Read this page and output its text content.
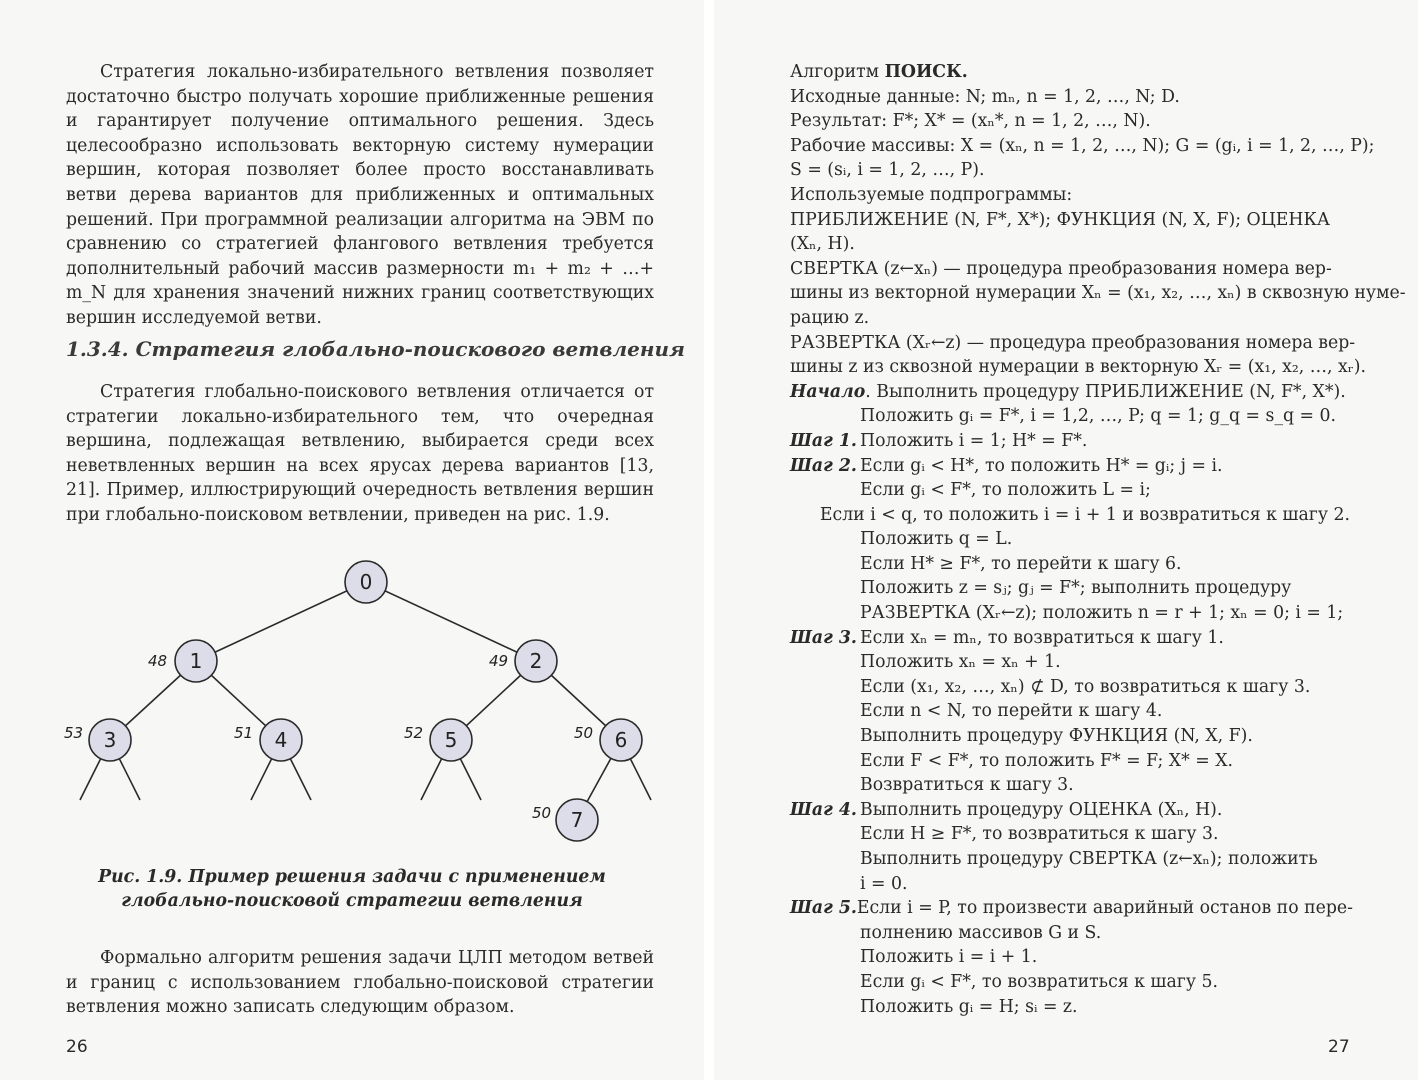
Стратегия локально-избирательного ветвления позволяет достаточно быстро получать хорошие приближенные решения и гарантирует получение оптимального решения. Здесь целесообразно использовать векторную систему нумерации вершин, которая позволяет более просто восстанавливать ветви дерева вариантов для приближенных и оптимальных решений. При программной реализации алгоритма на ЭВМ по сравнению со стратегией флангового ветвления требуется дополнительный рабочий массив размерности m₁ + m₂ + …+ m_N для хранения значений нижних границ соответствующих вершин исследуемой ветви.

1.3.4. Стратегия глобально-поискового ветвления

Стратегия глобально-поискового ветвления отличается от стратегии локально-избирательного тем, что очередная вершина, подлежащая ветвлению, выбирается среди всех неветвленных вершин на всех ярусах дерева вариантов [13, 21]. Пример, иллюстрирующий очередность ветвления вершин при глобально-поисковом ветвлении, приведен на рис. 1.9.

0
1
48	2
49
3
53	4
51	5
52	6
50
7
50
Рис. 1.9. Пример решения задачи с применением
глобально-поисковой стратегии ветвления

Формально алгоритм решения задачи ЦЛП методом ветвей и границ с использованием глобально-поисковой стратегии ветвления можно записать следующим образом.

26
Алгоритм ПОИСК.
Исходные данные: N; mₙ, n = 1, 2, …, N; D.
Результат: F*; X* = (xₙ*, n = 1, 2, …, N).
Рабочие массивы: X = (xₙ, n = 1, 2, …, N); G = (gᵢ, i = 1, 2, …, P);
S = (sᵢ, i = 1, 2, …, P).
Используемые подпрограммы:
ПРИБЛИЖЕНИЕ (N, F*, X*); ФУНКЦИЯ (N, X, F); ОЦЕНКА
(Xₙ, H).
СВЕРТКА (z←xₙ) — процедура преобразования номера вер-
шины из векторной нумерации Xₙ = (x₁, x₂, …, xₙ) в сквозную нуме-
рацию z.
РАЗВЕРТКА (Xᵣ←z) — процедура преобразования номера вер-
шины z из сквозной нумерации в векторную Xᵣ = (x₁, x₂, …, xᵣ).
Начало. Выполнить процедуру ПРИБЛИЖЕНИЕ (N, F*, X*).
Положить gᵢ = F*, i = 1,2, …, P; q = 1; g_q = s_q = 0.
Шаг 1. Положить i = 1; H* = F*.
Шаг 2. Если gᵢ < H*, то положить H* = gᵢ; j = i.
Если gᵢ < F*, то положить L = i;
Если i < q, то положить i = i + 1 и возвратиться к шагу 2.
Положить q = L.
Если H* ≥ F*, то перейти к шагу 6.
Положить z = sⱼ; gⱼ = F*; выполнить процедуру
РАЗВЕРТКА (Xᵣ←z); положить n = r + 1; xₙ = 0; i = 1;
Шаг 3. Если xₙ = mₙ, то возвратиться к шагу 1.
Положить xₙ = xₙ + 1.
Если (x₁, x₂, …, xₙ) ⊄ D, то возвратиться к шагу 3.
Если n < N, то перейти к шагу 4.
Выполнить процедуру ФУНКЦИЯ (N, X, F).
Если F < F*, то положить F* = F; X* = X.
Возвратиться к шагу 3.
Шаг 4. Выполнить процедуру ОЦЕНКА (Xₙ, H).
Если H ≥ F*, то возвратиться к шагу 3.
Выполнить процедуру СВЕРТКА (z←xₙ); положить
i = 0.
Шаг 5. Если i = P, то произвести аварийный останов по пере-
полнению массивов G и S.
Положить i = i + 1.
Если gᵢ < F*, то возвратиться к шагу 5.
Положить gᵢ = H; sᵢ = z.
27
